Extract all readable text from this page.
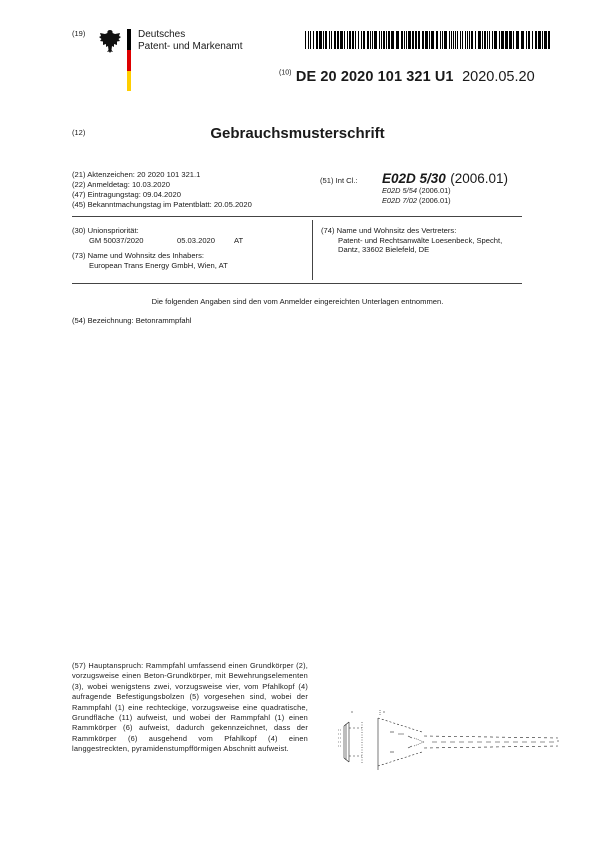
(19)	Deutsches
Patent- und Markenamt
$^{(10)}$ DE 20 2020 101 321 U1 2020.05.20
(12)	Gebrauchsmusterschrift
(21) Aktenzeichen: 20 2020 101 321.1
(22) Anmeldetag: 10.03.2020
(47) Eintragungstag: 09.04.2020
(45) Bekanntmachungstag im Patentblatt: 20.05.2020
(51) Int Cl.: E02D 5/30 (2006.01)
E02D 5/54 (2006.01)
E02D 7/02 (2006.01)
(30) Unionspriorität:
GM 50037/2020	05.03.2020 AT
(73) Name und Wohnsitz des Inhabers:
European Trans Energy GmbH, Wien, AT
(74) Name und Wohnsitz des Vertreters:
Patent- und Rechtsanwälte Loesenbeck, Specht,
Dantz, 33602 Bielefeld, DE
Die folgenden Angaben sind den vom Anmelder eingereichten Unterlagen entnommen.
(54) Bezeichnung: Betonrammpfahl
(57) Hauptanspruch: Rammpfahl umfassend einen Grundkörper (2), vorzugsweise einen Beton-Grundkörper, mit Bewehrungselementen (3), wobei wenigstens zwei, vorzugsweise vier, vom Pfahlkopf (4) aufragende Befestigungsbolzen (5) vorgesehen sind, wobei der Rammpfahl (1) eine rechteckige, vorzugsweise eine quadratische, Grundfläche (11) aufweist, und wobei der Rammpfahl (1) einen Rammkörper (6) aufweist, dadurch gekennzeichnet, dass der Rammkörper (6) ausgehend vom Pfahlkopf (4) einen langgestreckten, pyramidenstumpfförmigen Abschnitt aufweist.
